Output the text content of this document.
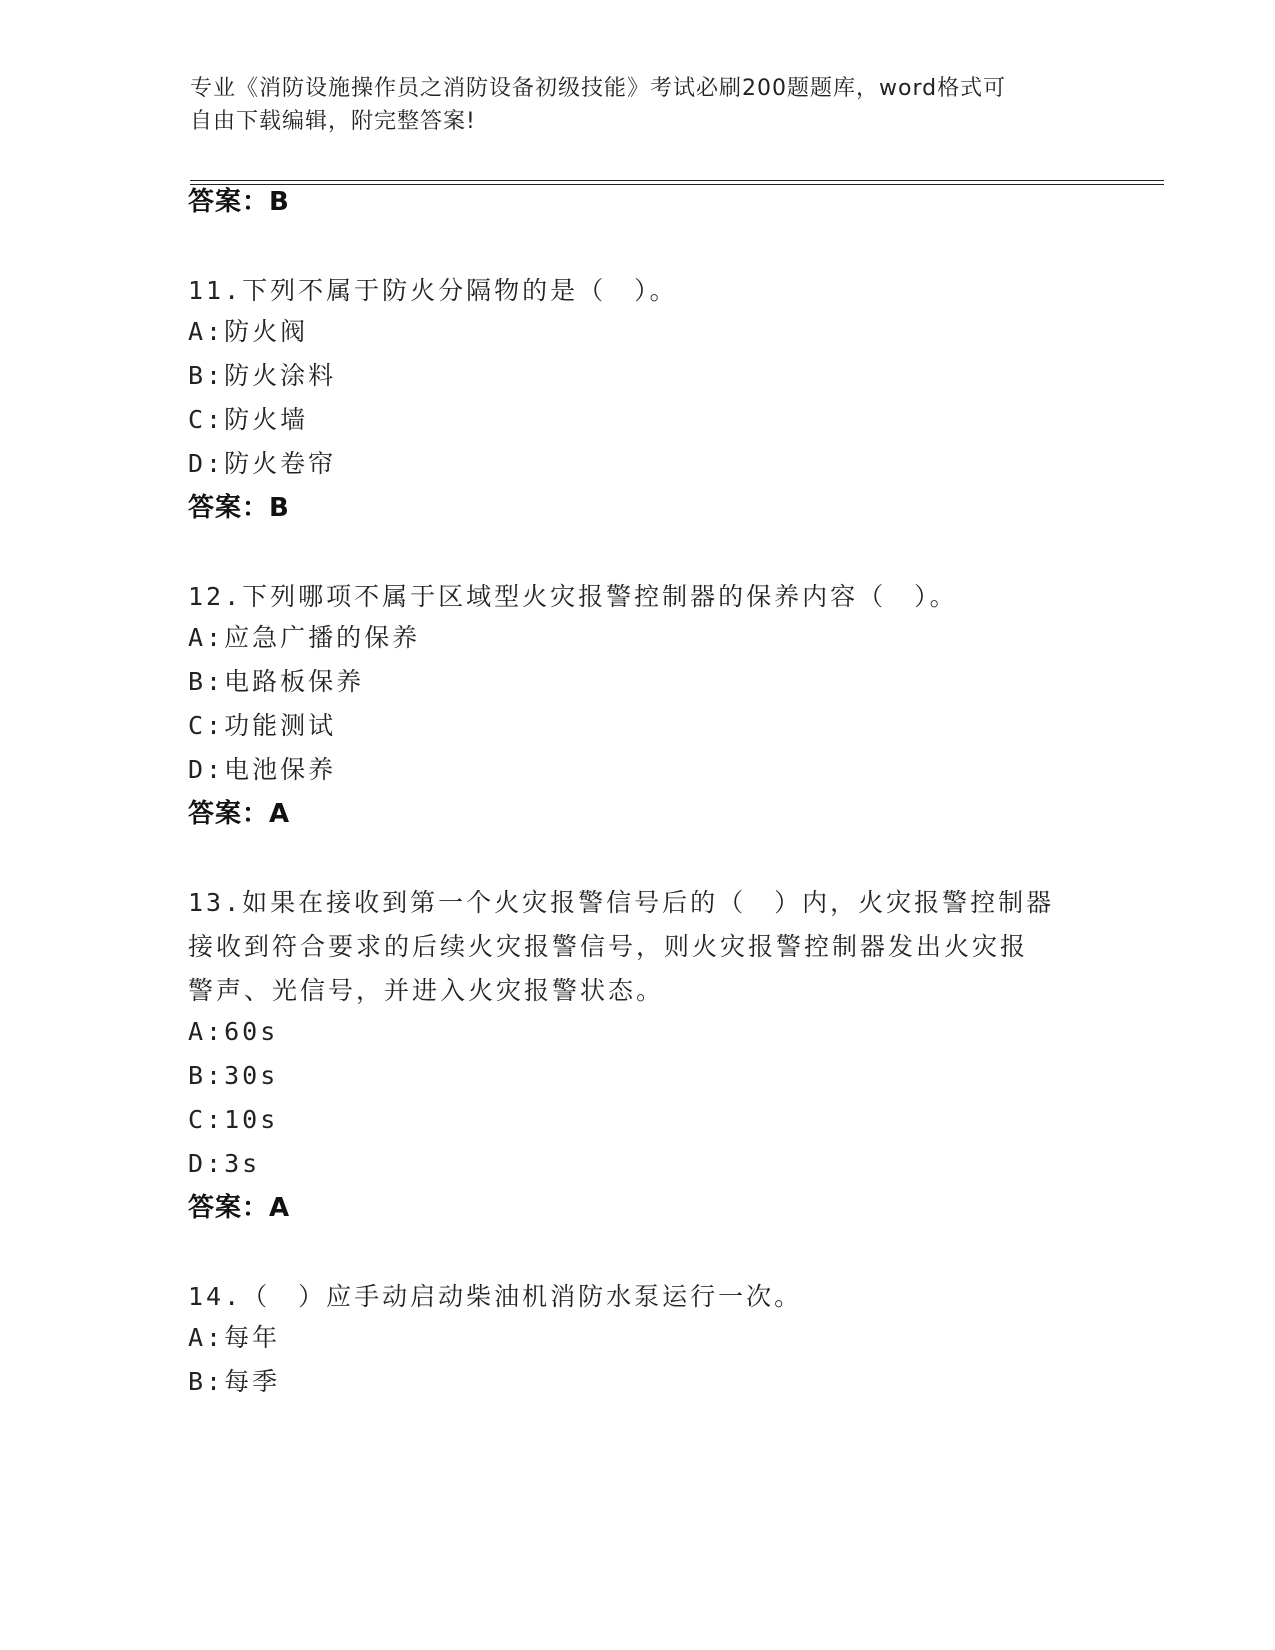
专业《消防设施操作员之消防设备初级技能》考试必刷200题题库，word格式可
自由下载编辑，附完整答案!
答案：B
11.下列不属于防火分隔物的是（　）。
A:防火阀
B:防火涂料
C:防火墙
D:防火卷帘
答案：B
12.下列哪项不属于区域型火灾报警控制器的保养内容（　）。
A:应急广播的保养
B:电路板保养
C:功能测试
D:电池保养
答案：A
13.如果在接收到第一个火灾报警信号后的（　）内，火灾报警控制器
接收到符合要求的后续火灾报警信号，则火灾报警控制器发出火灾报
警声、光信号，并进入火灾报警状态。
A:60s
B:30s
C:10s
D:3s
答案：A
14.（　）应手动启动柴油机消防水泵运行一次。
A:每年
B:每季
